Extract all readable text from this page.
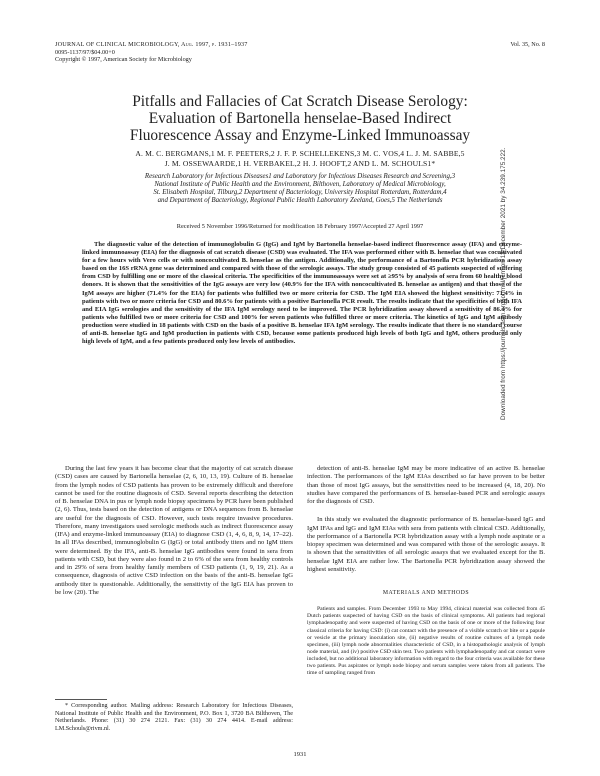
JOURNAL OF CLINICAL MICROBIOLOGY, Aug. 1997, p. 1931–1937
0095-1137/97/$04.00+0
Copyright © 1997, American Society for Microbiology
Vol. 35, No. 8
Pitfalls and Fallacies of Cat Scratch Disease Serology:
Evaluation of Bartonella henselae-Based Indirect
Fluorescence Assay and Enzyme-Linked Immunoassay
A. M. C. BERGMANS,1 M. F. PEETERS,2 J. F. P. SCHELLEKENS,3 M. C. VOS,4 L. J. M. SABBE,5
J. M. OSSEWAARDE,1 H. VERBAKEL,2 H. J. HOOFT,2 AND L. M. SCHOULS1*
Research Laboratory for Infectious Diseases1 and Laboratory for Infectious Diseases Research and Screening,3
National Institute of Public Health and the Environment, Bilthoven, Laboratory of Medical Microbiology,
St. Elisabeth Hospital, Tilburg,2 Department of Bacteriology, University Hospital Rotterdam, Rotterdam,4
and Department of Bacteriology, Regional Public Health Laboratory Zeeland, Goes,5 The Netherlands
Received 5 November 1996/Returned for modification 18 February 1997/Accepted 27 April 1997

The diagnostic value of the detection of immunoglobulin G (IgG) and IgM by Bartonella henselae-based indirect fluorescence assay (IFA) and enzyme-linked immunoassay (EIA) for the diagnosis of cat scratch disease (CSD) was evaluated. The IFA was performed either with B. henselae that was cocultivated for a few hours with Vero cells or with noncocultivated B. henselae as the antigen. Additionally, the performance of a Bartonella PCR hybridization assay based on the 16S rRNA gene was determined and compared with those of the serologic assays. The study group consisted of 45 patients suspected of suffering from CSD by fulfilling one or more of the classical criteria. The specificities of the immunoassays were set at ≥95% by analysis of sera from 60 healthy blood donors. It is shown that the sensitivities of the IgG assays are very low (40.9% for the IFA with noncocultivated B. henselae as antigen) and that those of the IgM assays are higher (71.4% for the EIA) for patients who fulfilled two or more criteria for CSD. The IgM EIA showed the highest sensitivity: 71.4% in patients with two or more criteria for CSD and 80.6% for patients with a positive Bartonella PCR result. The results indicate that the specificities of both IFA and EIA IgG serologies and the sensitivity of the IFA IgM serology need to be improved. The PCR hybridization assay showed a sensitivity of 86.4% for patients who fulfilled two or more criteria for CSD and 100% for seven patients who fulfilled three or more criteria. The kinetics of IgG and IgM antibody production were studied in 18 patients with CSD on the basis of a positive B. henselae IFA IgM serology. The results indicate that there is no standard course of anti-B. henselae IgG and IgM production in patients with CSD, because some patients produced high levels of both IgG and IgM, others produced only high levels of IgM, and a few patients produced only low levels of antibodies.

During the last few years it has become clear that the majority of cat scratch disease (CSD) cases are caused by Bartonella henselae (2, 6, 10, 13, 19). Culture of B. henselae from the lymph nodes of CSD patients has proven to be extremely difficult and therefore cannot be used for the routine diagnosis of CSD. Several reports describing the detection of B. henselae DNA in pus or lymph node biopsy specimens by PCR have been published (2, 6). Thus, tests based on the detection of antigens or DNA sequences from B. henselae are useful for the diagnosis of CSD. However, such tests require invasive procedures. Therefore, many investigators used serologic methods such as indirect fluorescence assay (IFA) and enzyme-linked immunoassay (EIA) to diagnose CSD (1, 4, 6, 8, 9, 14, 17–22). In all IFAs described, immunoglobulin G (IgG) or total antibody titers and no IgM titers were determined. By the IFA, anti-B. henselae IgG antibodies were found in sera from patients with CSD, but they were also found in 2 to 6% of the sera from healthy controls and in 29% of sera from healthy family members of CSD patients (1, 9, 19, 21). As a consequence, diagnosis of active CSD infection on the basis of the anti-B. henselae IgG antibody titer is questionable. Additionally, the sensitivity of the IgG EIA has proven to be low (20). The

detection of anti-B. henselae IgM may be more indicative of an active B. henselae infection. The performances of the IgM EIAs described so far have proven to be better than those of most IgG assays, but the sensitivities need to be increased (4, 18, 20). No studies have compared the performances of B. henselae-based PCR and serologic assays for the diagnosis of CSD.

In this study we evaluated the diagnostic performance of B. henselae-based IgG and IgM IFAs and IgG and IgM EIAs with sera from patients with clinical CSD. Additionally, the performance of a Bartonella PCR hybridization assay with a lymph node aspirate or a biopsy specimen was determined and was compared with those of the serologic assays. It is shown that the sensitivities of all serologic assays that we evaluated except for the B. henselae IgM EIA are rather low. The Bartonella PCR hybridization assay showed the highest sensitivity.

MATERIALS AND METHODS
Patients and samples. From December 1993 to May 1994, clinical material was collected from 45 Dutch patients suspected of having CSD on the basis of clinical symptoms. All patients had regional lymphadenopathy and were suspected of having CSD on the basis of one or more of the following four classical criteria for having CSD: (i) cat contact with the presence of a visible scratch or bite or a papule or vesicle at the primary inoculation site, (ii) negative results of routine cultures of a lymph node specimen, (iii) lymph node abnormalities characteristic of CSD, in a histopathologic analysis of lymph node material, and (iv) positive CSD skin test. Two patients with lymphadenopathy and cat contact were included, but no additional laboratory information with regard to the four criteria was available for these two patients. Pus aspirates or lymph node biopsy and serum samples were taken from all patients. The time of sampling ranged from
* Corresponding author. Mailing address: Research Laboratory for Infectious Diseases, National Institute of Public Health and the Environment, P.O. Box 1, 3720 BA Bilthoven, The Netherlands. Phone: (31) 30 274 2121. Fax: (31) 30 274 4414. E-mail address: LM.Schouls@rivm.nl.
1931
Downloaded from https://journals.asm.org/journal/jcm on 13 December 2021 by 34.239.175.222.
